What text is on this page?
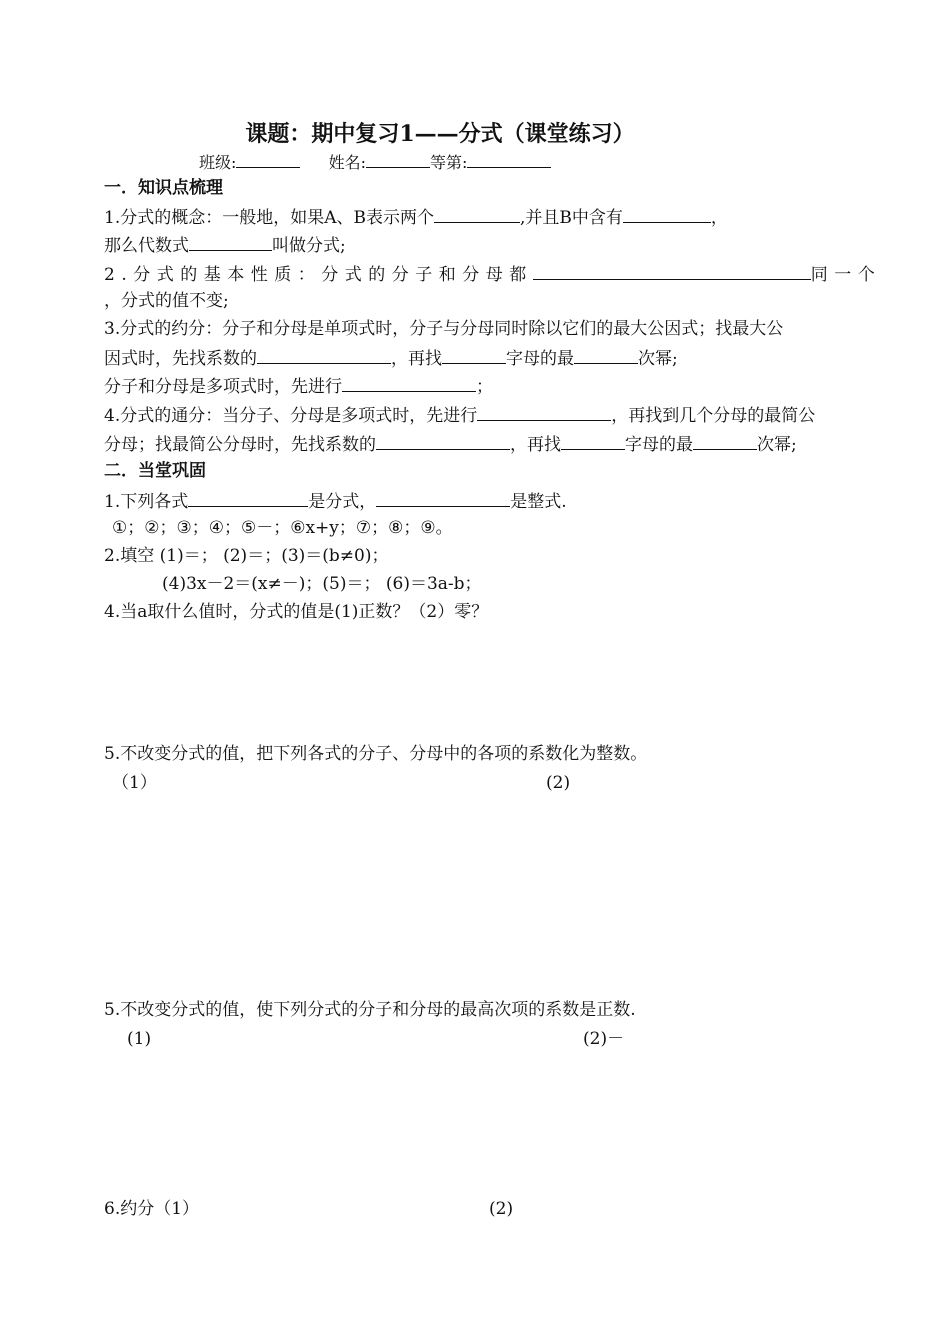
课题：期中复习1——分式（课堂练习）
班级:	姓名:	等第:
一．知识点梳理
1.分式的概念：一般地，如果A、B表示两个	,并且B中含有	，
那么代数式	叫做分式;
2.分式的基本性质：分式的分子和分母都	同一个
，分式的值不变;
3.分式的约分：分子和分母是单项式时，分子与分母同时除以它们的最大公因式；找最大公
因式时，先找系数的	，再找	字母的最	次幂;
分子和分母是多项式时，先进行	；
4.分式的通分：当分子、分母是多项式时，先进行	，再找到几个分母的最简公
分母；找最简公分母时，先找系数的	，再找	字母的最	次幂;
二．当堂巩固
1.下列各式	是分式，	是整式.
①；②；③；④；⑤－；⑥x+y；⑦；⑧；⑨。
2.填空 (1)＝； (2)＝；(3)＝(b≠0)；
(4)3x－2＝(x≠－)；(5)＝； (6)＝3a-b；
4.当a取什么值时，分式的值是(1)正数？（2）零？
5.不改变分式的值，把下列各式的分子、分母中的各项的系数化为整数。
（1）	(2)
5.不改变分式的值，使下列分式的分子和分母的最高次项的系数是正数.
(1)	(2)－
6.约分（1）	(2)
